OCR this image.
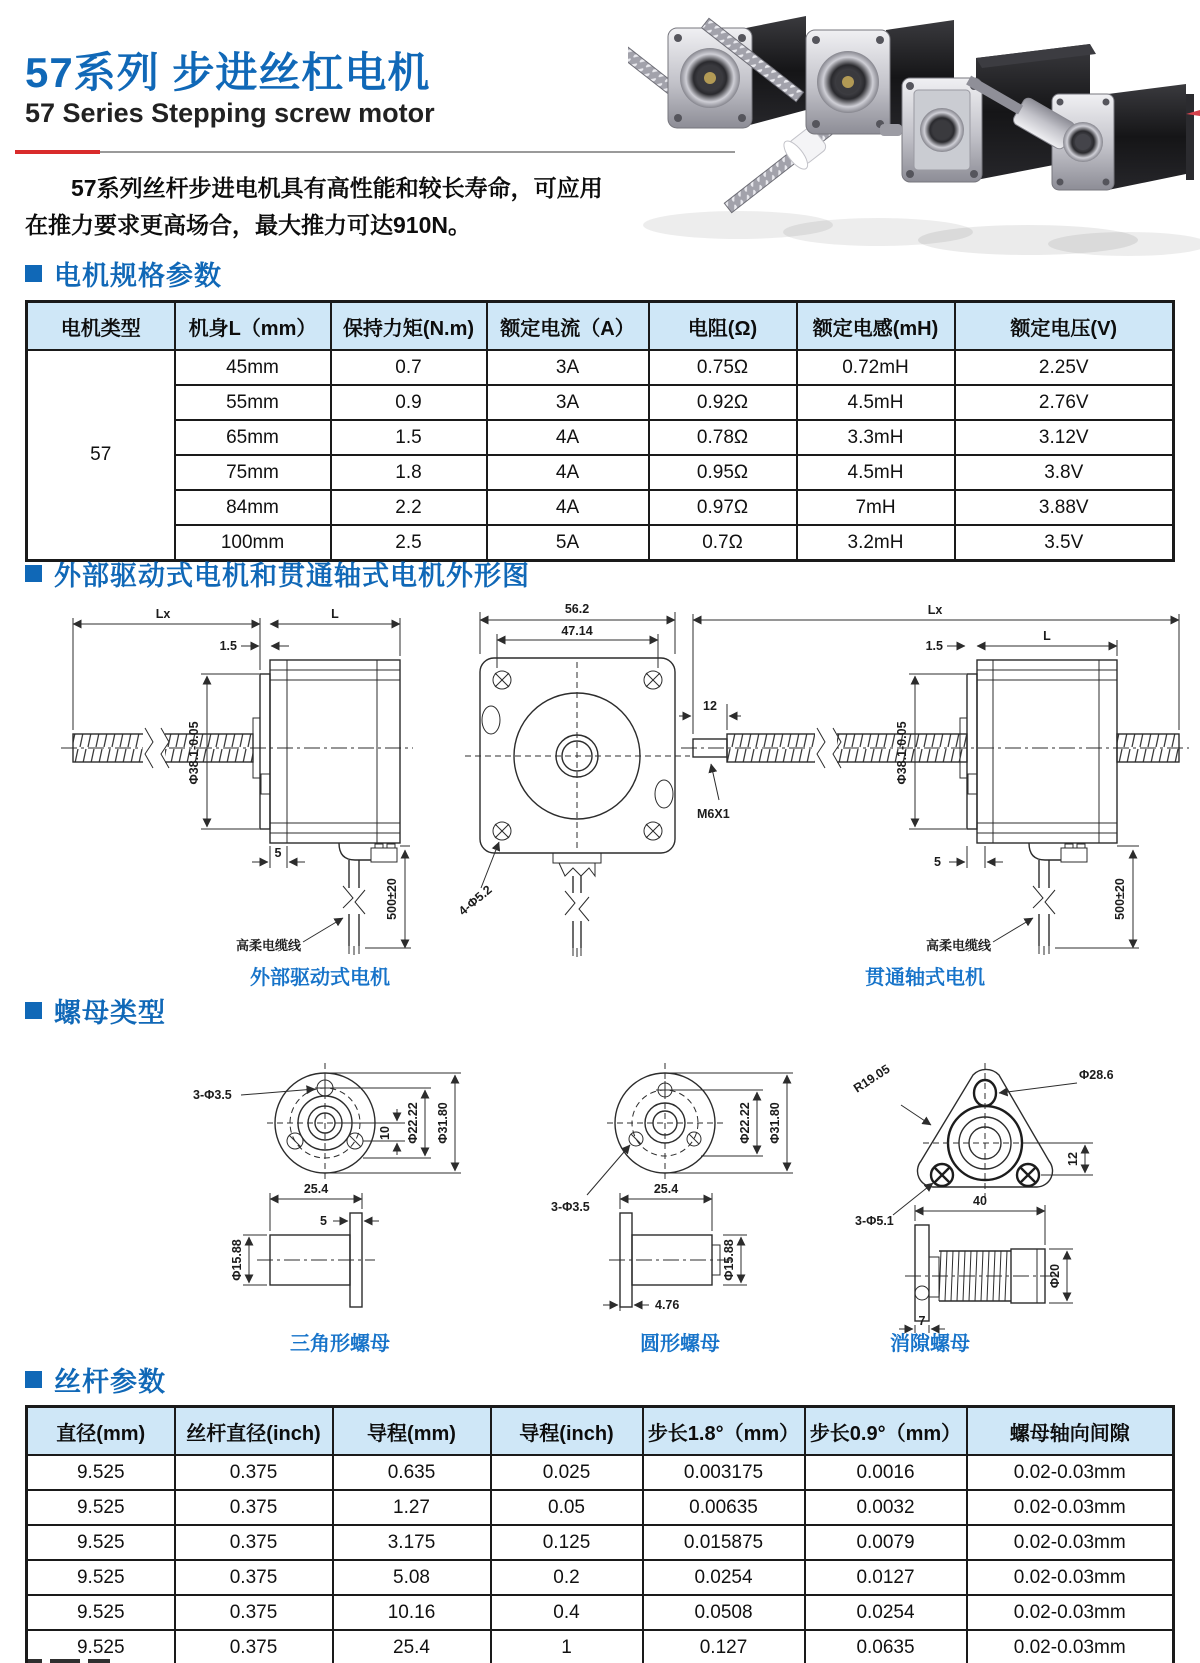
57系列 步进丝杠电机
57 Series Stepping screw motor
57系列丝杆步进电机具有高性能和较长寿命，可应用
在推力要求更高场合，最大推力可达910N。
电机规格参数
电机类型	机身L（mm）	保持力矩(N.m)	额定电流（A）	电阻(Ω)	额定电感(mH)	额定电压(V)
57	45mm	0.7	3A	0.75Ω	0.72mH	2.25V
	55mm	0.9	3A	0.92Ω	4.5mH	2.76V
	65mm	1.5	4A	0.78Ω	3.3mH	3.12V
	75mm	1.8	4A	0.95Ω	4.5mH	3.8V
	84mm	2.2	4A	0.97Ω	7mH	3.88V
	100mm	2.5	5A	0.7Ω	3.2mH	3.5V
外部驱动式电机和贯通轴式电机外形图
Lx	L
1.5
Φ38.1-0.05
5
500±20
高柔电缆线
外部驱动式电机
56.2
47.14
4-Φ5.2
Lx
12
M6X1
1.5
L
Φ38.1-0.05
5
500±20
高柔电缆线
贯通轴式电机
螺母类型
3-Φ3.5
10 Φ22.22 Φ31.80
25.4
5
Φ15.88
三角形螺母
Φ22.22 Φ31.80
3-Φ3.5
25.4
Φ15.88
4.76
圆形螺母
R19.05	Φ28.6
12
3-Φ5.1
40
Φ20
7
消隙螺母
丝杆参数
直径(mm)	丝杆直径(inch)	导程(mm)	导程(inch)	步长1.8°（mm）	步长0.9°（mm）	螺母轴向间隙
9.525	0.375	0.635	0.025	0.003175	0.0016	0.02-0.03mm
9.525	0.375	1.27	0.05	0.00635	0.0032	0.02-0.03mm
9.525	0.375	3.175	0.125	0.015875	0.0079	0.02-0.03mm
9.525	0.375	5.08	0.2	0.0254	0.0127	0.02-0.03mm
9.525	0.375	10.16	0.4	0.0508	0.0254	0.02-0.03mm
9.525	0.375	25.4	1	0.127	0.0635	0.02-0.03mm
